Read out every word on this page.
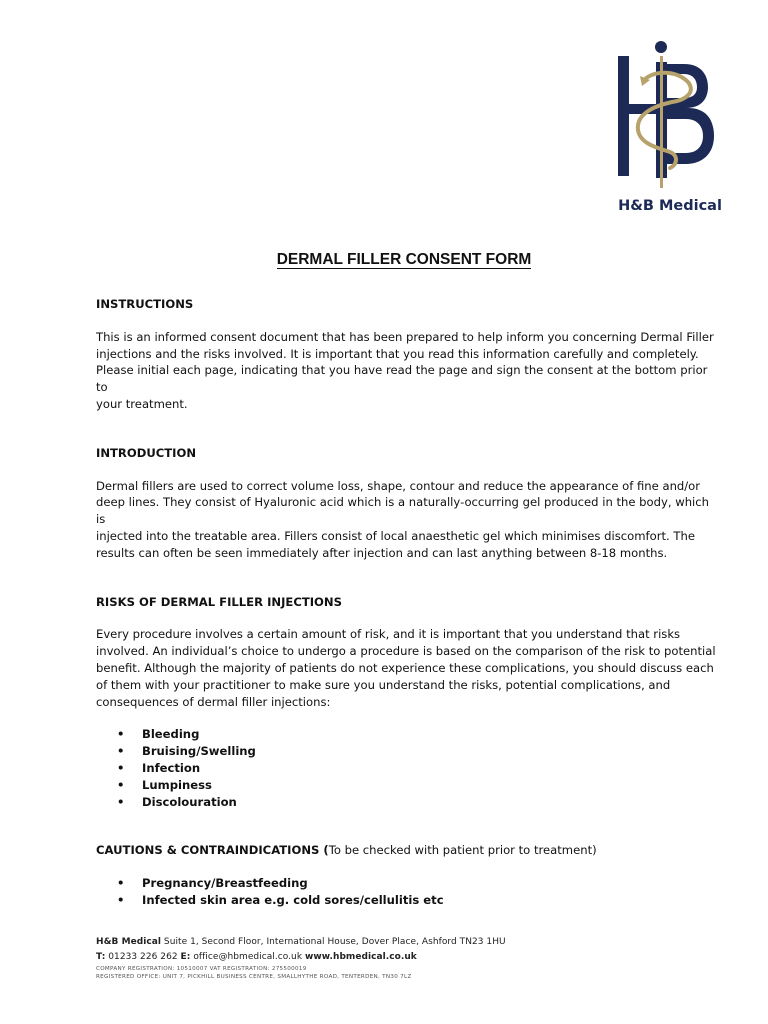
H&B Medical
DERMAL FILLER CONSENT FORM

INSTRUCTIONS

This is an informed consent document that has been prepared to help inform you concerning Dermal Filler

injections and the risks involved. It is important that you read this information carefully and completely.

Please initial each page, indicating that you have read the page and sign the consent at the bottom prior to

your treatment.

INTRODUCTION

Dermal fillers are used to correct volume loss, shape, contour and reduce the appearance of fine and/or

deep lines. They consist of Hyaluronic acid which is a naturally-occurring gel produced in the body, which is

injected into the treatable area. Fillers consist of local anaesthetic gel which minimises discomfort. The

results can often be seen immediately after injection and can last anything between 8-18 months.

RISKS OF DERMAL FILLER INJECTIONS

Every procedure involves a certain amount of risk, and it is important that you understand that risks

involved. An individual’s choice to undergo a procedure is based on the comparison of the risk to potential

benefit. Although the majority of patients do not experience these complications, you should discuss each

of them with your practitioner to make sure you understand the risks, potential complications, and

consequences of dermal filler injections:

• Bleeding
• Bruising/Swelling
• Infection
• Lumpiness
• Discolouration

CAUTIONS & CONTRAINDICATIONS (To be checked with patient prior to treatment)

• Pregnancy/Breastfeeding
• Infected skin area e.g. cold sores/cellulitis etc
H&B Medical Suite 1, Second Floor, International House, Dover Place, Ashford TN23 1HU
T: 01233 226 262 E: office@hbmedical.co.uk www.hbmedical.co.uk
COMPANY REGISTRATION: 10510007 VAT REGISTRATION: 275500019
REGISTERED OFFICE: UNIT 7, PICKHILL BUSINESS CENTRE, SMALLHYTHE ROAD, TENTERDEN, TN30 7LZ
